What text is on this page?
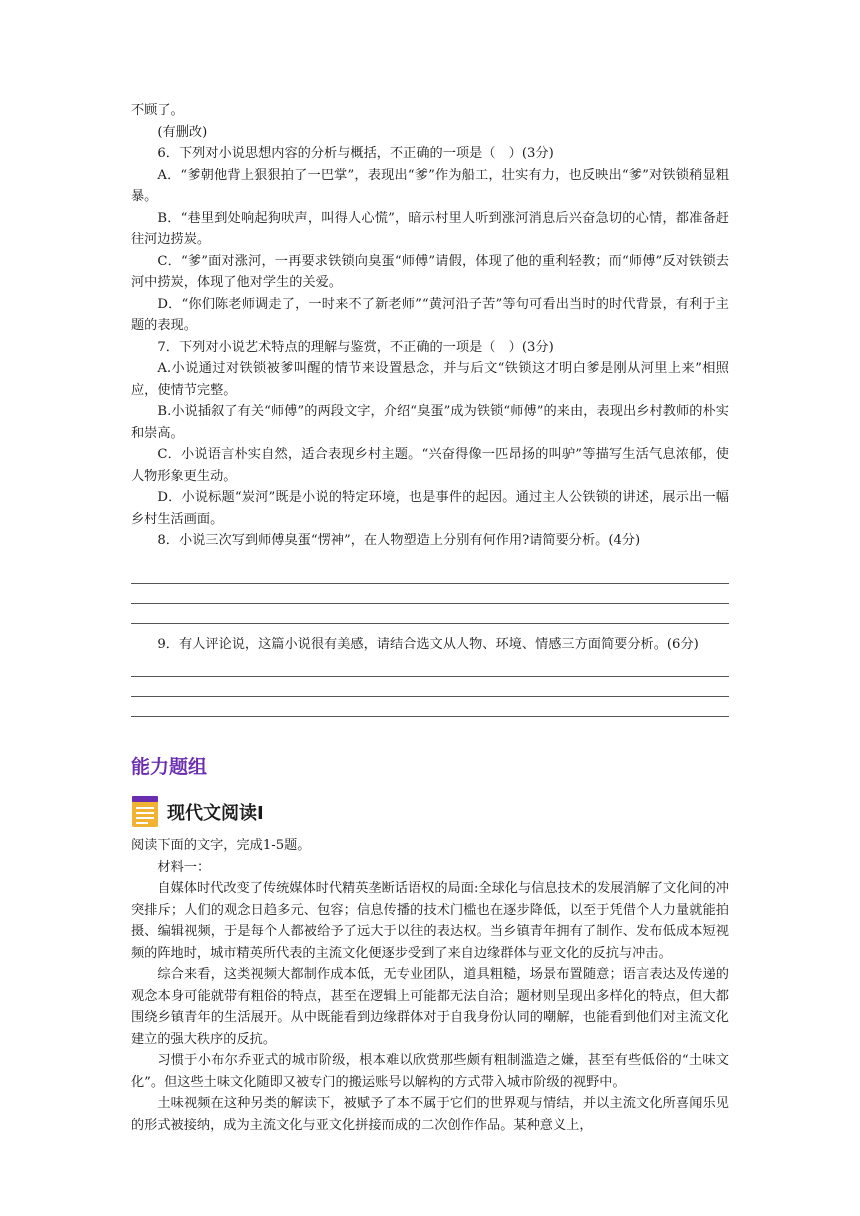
不顾了。

(有删改)

6．下列对小说思想内容的分析与概括，不正确的一项是（　）(3分)

A．“爹朝他背上狠狠拍了一巴掌”，表现出“爹”作为船工，壮实有力，也反映出“爹”对铁锁稍显粗暴。

B．“巷里到处响起狗吠声，叫得人心慌”，暗示村里人听到涨河消息后兴奋急切的心情，都准备赶往河边捞炭。

C．“爹”面对涨河，一再要求铁锁向臭蛋“师傅”请假，体现了他的重利轻教；而“师傅”反对铁锁去河中捞炭，体现了他对学生的关爱。

D．“你们陈老师调走了，一时来不了新老师”“黄河沿子苦”等句可看出当时的时代背景，有利于主题的表现。

7．下列对小说艺术特点的理解与鉴赏，不正确的一项是（　）(3分)

A.小说通过对铁锁被爹叫醒的情节来设置悬念，并与后文“铁锁这才明白爹是刚从河里上来”相照应，使情节完整。

B.小说插叙了有关“师傅”的两段文字，介绍“臭蛋”成为铁锁“师傅”的来由，表现出乡村教师的朴实和崇高。

C．小说语言朴实自然，适合表现乡村主题。“兴奋得像一匹昂扬的叫驴”等描写生活气息浓郁，使人物形象更生动。

D．小说标题“炭河”既是小说的特定环境，也是事件的起因。通过主人公铁锁的讲述，展示出一幅乡村生活画面。

8．小说三次写到师傅臭蛋“愣神”，在人物塑造上分别有何作用?请简要分析。(4分)

9．有人评论说，这篇小说很有美感，请结合选文从人物、环境、情感三方面简要分析。(6分)

能力题组
现代文阅读Ⅰ

阅读下面的文字，完成1-5题。

材料一：

自媒体时代改变了传统媒体时代精英垄断话语权的局面:全球化与信息技术的发展消解了文化间的冲突排斥；人们的观念日趋多元、包容；信息传播的技术门槛也在逐步降低，以至于凭借个人力量就能拍摄、编辑视频，于是每个人都被给予了远大于以往的表达权。当乡镇青年拥有了制作、发布低成本短视频的阵地时，城市精英所代表的主流文化便逐步受到了来自边缘群体与亚文化的反抗与冲击。

综合来看，这类视频大都制作成本低，无专业团队，道具粗糙，场景布置随意；语言表达及传递的观念本身可能就带有粗俗的特点，甚至在逻辑上可能都无法自洽；题材则呈现出多样化的特点，但大都围绕乡镇青年的生活展开。从中既能看到边缘群体对于自我身份认同的嘲解，也能看到他们对主流文化建立的强大秩序的反抗。

习惯于小布尔乔亚式的城市阶级，根本难以欣赏那些颇有粗制滥造之嫌，甚至有些低俗的“土味文化”。但这些土味文化随即又被专门的搬运账号以解构的方式带入城市阶级的视野中。

土味视频在这种另类的解读下，被赋予了本不属于它们的世界观与情结，并以主流文化所喜闻乐见的形式被接纳，成为主流文化与亚文化拼接而成的二次创作作品。某种意义上，
